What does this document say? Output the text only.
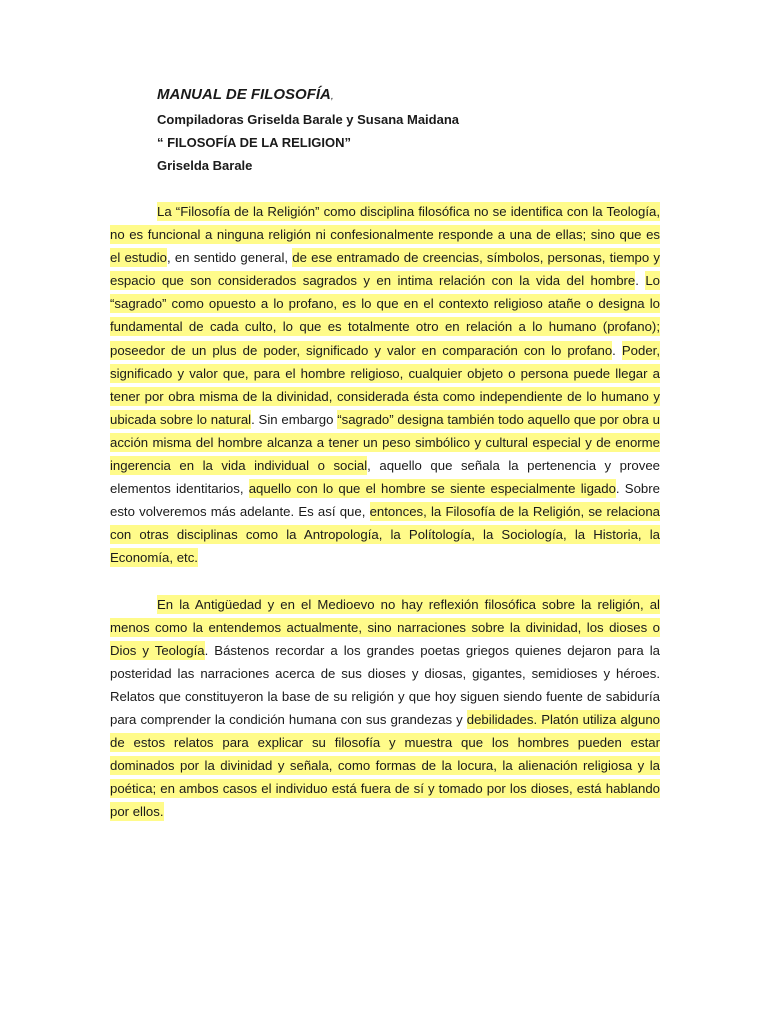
MANUAL DE FILOSOFÍA,

Compiladoras Griselda Barale y Susana Maidana

“ FILOSOFÍA DE LA RELIGION”

Griselda Barale

La “Filosofía de la Religión” como disciplina filosófica no se identifica con la Teología, no es funcional a ninguna religión ni confesionalmente responde a una de ellas; sino que es el estudio, en sentido general, de ese entramado de creencias, símbolos, personas, tiempo y espacio que son considerados sagrados y en intima relación con la vida del hombre. Lo “sagrado” como opuesto a lo profano, es lo que en el contexto religioso atañe o designa lo fundamental de cada culto, lo que es totalmente otro en relación a lo humano (profano); poseedor de un plus de poder, significado y valor en comparación con lo profano. Poder, significado y valor que, para el hombre religioso, cualquier objeto o persona puede llegar a tener por obra misma de la divinidad, considerada ésta como independiente de lo humano y ubicada sobre lo natural. Sin embargo “sagrado” designa también todo aquello que por obra u acción misma del hombre alcanza a tener un peso simbólico y cultural especial y de enorme ingerencia en la vida individual o social, aquello que señala la pertenencia y provee elementos identitarios, aquello con lo que el hombre se siente especialmente ligado. Sobre esto volveremos más adelante. Es así que, entonces, la Filosofía de la Religión, se relaciona con otras disciplinas como la Antropología, la Polítología, la Sociología, la Historia, la Economía, etc.

En la Antigüedad y en el Medioevo no hay reflexión filosófica sobre la religión, al menos como la entendemos actualmente, sino narraciones sobre la divinidad, los dioses o Dios y Teología. Bástenos recordar a los grandes poetas griegos quienes dejaron para la posteridad las narraciones acerca de sus dioses y diosas, gigantes, semidioses y héroes. Relatos que constituyeron la base de su religión y que hoy siguen siendo fuente de sabiduría para comprender la condición humana con sus grandezas y debilidades. Platón utiliza alguno de estos relatos para explicar su filosofía y muestra que los hombres pueden estar dominados por la divinidad y señala, como formas de la locura, la alienación religiosa y la poética; en ambos casos el individuo está fuera de sí y tomado por los dioses, está hablando por ellos.
